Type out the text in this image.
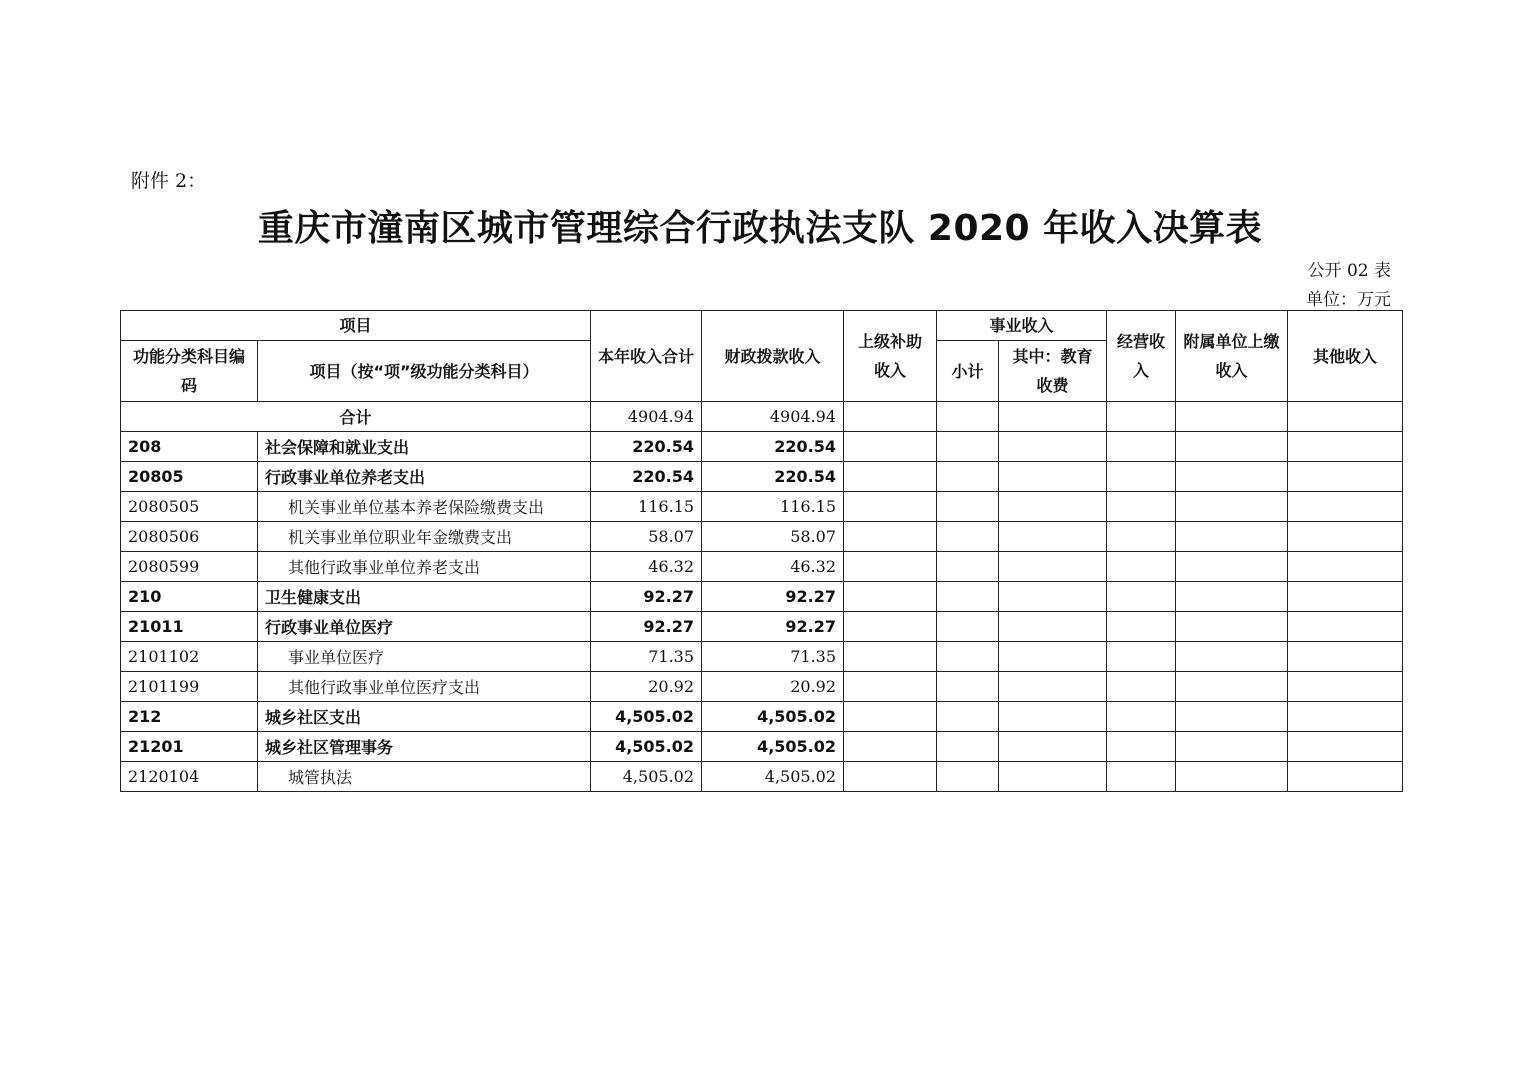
附件 2：
重庆市潼南区城市管理综合行政执法支队 2020 年收入决算表
公开 02 表
单位：万元
项目		本年收入合计	财政拨款收入	上级补助收入	事业收入		经营收入	附属单位上缴收入	其他收入
功能分类科目编码	项目（按“项”级功能分类科目）								
					小计	其中：教育收费			
合计		4904.94	4904.94						
208	社会保障和就业支出	220.54	220.54						
20805	行政事业单位养老支出	220.54	220.54						
2080505	机关事业单位基本养老保险缴费支出	116.15	116.15						
2080506	机关事业单位职业年金缴费支出	58.07	58.07						
2080599	其他行政事业单位养老支出	46.32	46.32						
210	卫生健康支出	92.27	92.27						
21011	行政事业单位医疗	92.27	92.27						
2101102	事业单位医疗	71.35	71.35						
2101199	其他行政事业单位医疗支出	20.92	20.92						
212	城乡社区支出	4,505.02	4,505.02						
21201	城乡社区管理事务	4,505.02	4,505.02						
2120104	城管执法	4,505.02	4,505.02						
